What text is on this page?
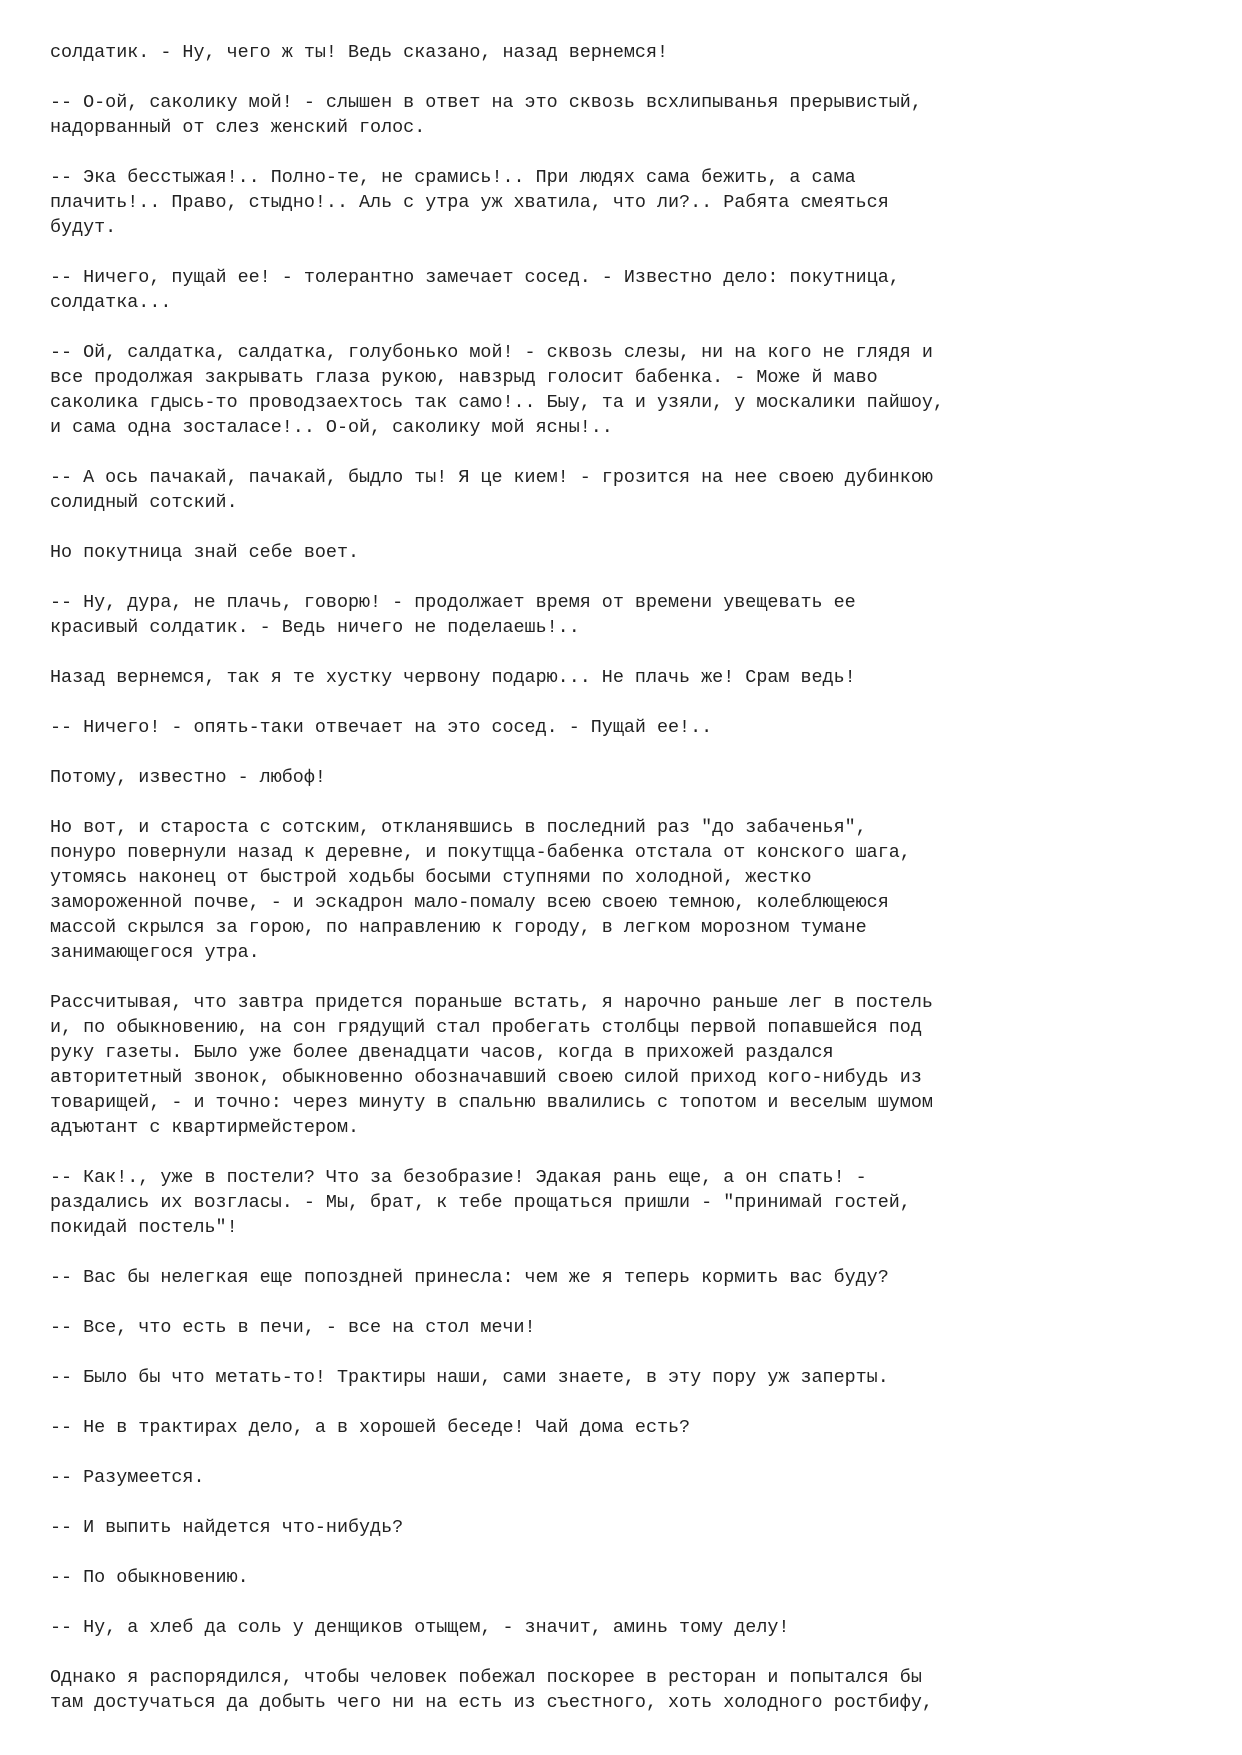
солдатик. - Ну, чего ж ты! Ведь сказано, назад вернемся!

-- О-ой, саколику мой! - слышен в ответ на это сквозь всхлипыванья прерывистый,
надорванный от слез женский голос.

-- Эка бесстыжая!.. Полно-те, не срамись!.. При людях сама бежить, а сама
плачить!.. Право, стыдно!.. Аль с утра уж хватила, что ли?.. Рабята смеяться
будут.

-- Ничего, пущай ее! - толерантно замечает сосед. - Известно дело: покутница,
солдатка...

-- Ой, салдатка, салдатка, голубонько мой! - сквозь слезы, ни на кого не глядя и
все продолжая закрывать глаза рукою, навзрыд голосит бабенка. - Може й маво
саколика гдысь-то проводзаехтось так само!.. Быу, та и узяли, у москалики пайшоу,
и сама одна зосталасе!.. О-ой, саколику мой ясны!..

-- А ось пачакай, пачакай, быдло ты! Я це кием! - грозится на нее своею дубинкою
солидный сотский.

Но покутница знай себе воет.

-- Ну, дура, не плачь, говорю! - продолжает время от времени увещевать ее
красивый солдатик. - Ведь ничего не поделаешь!..

Назад вернемся, так я те хустку червону подарю... Не плачь же! Срам ведь!

-- Ничего! - опять-таки отвечает на это сосед. - Пущай ее!..

Потому, известно - любоф!

Но вот, и староста с сотским, откланявшись в последний раз "до забаченья",
понуро повернули назад к деревне, и покутщца-бабенка отстала от конского шага,
утомясь наконец от быстрой ходьбы босыми ступнями по холодной, жестко
замороженной почве, - и эскадрон мало-помалу всею своею темною, колеблющеюся
массой скрылся за горою, по направлению к городу, в легком морозном тумане
занимающегося утра.

Рассчитывая, что завтра придется пораньше встать, я нарочно раньше лег в постель
и, по обыкновению, на сон грядущий стал пробегать столбцы первой попавшейся под
руку газеты. Было уже более двенадцати часов, когда в прихожей раздался
авторитетный звонок, обыкновенно обозначавший своею силой приход кого-нибудь из
товарищей, - и точно: через минуту в спальню ввалились с топотом и веселым шумом
адъютант с квартирмейстером.

-- Как!., уже в постели? Что за безобразие! Эдакая рань еще, а он спать! -
раздались их возгласы. - Мы, брат, к тебе прощаться пришли - "принимай гостей,
покидай постель"!

-- Вас бы нелегкая еще попоздней принесла: чем же я теперь кормить вас буду?

-- Все, что есть в печи, - все на стол мечи!

-- Было бы что метать-то! Трактиры наши, сами знаете, в эту пору уж заперты.

-- Не в трактирах дело, а в хорошей беседе! Чай дома есть?

-- Разумеется.

-- И выпить найдется что-нибудь?

-- По обыкновению.

-- Ну, а хлеб да соль у денщиков отыщем, - значит, аминь тому делу!

Однако я распорядился, чтобы человек побежал поскорее в ресторан и попытался бы
там достучаться да добыть чего ни на есть из съестного, хоть холодного ростбифу,
